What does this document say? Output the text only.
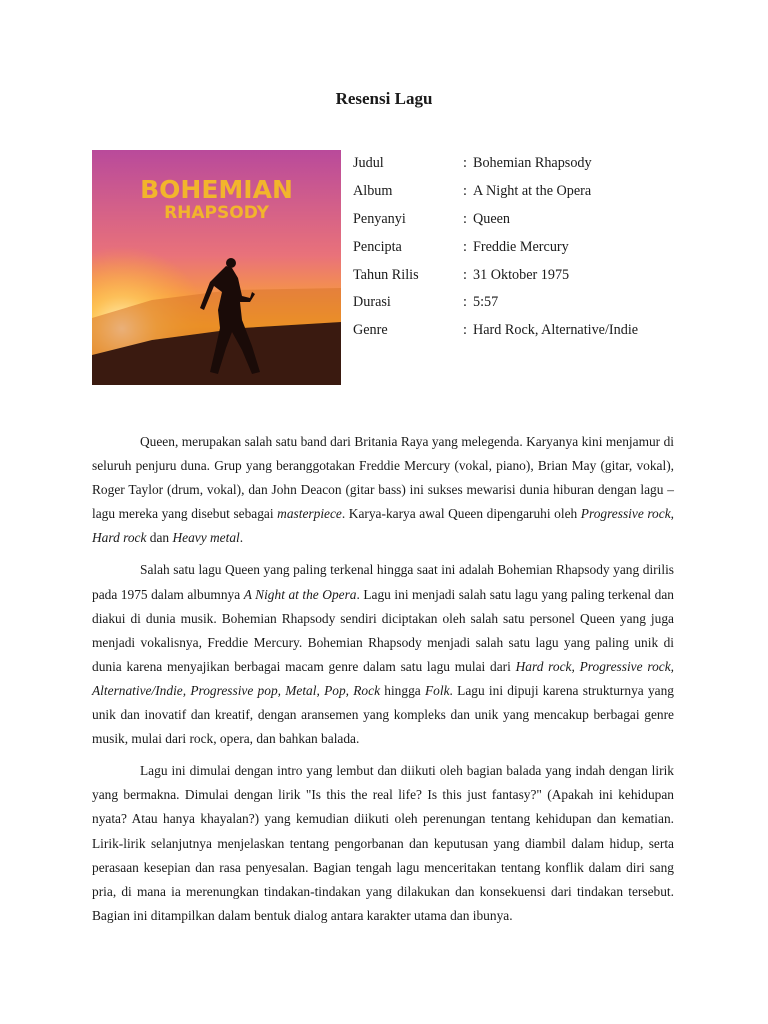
Resensi Lagu
BOHEMIAN
RHAPSODY
Judul	: Bohemian Rhapsody
Album	: A Night at the Opera
Penyanyi	: Queen
Pencipta	: Freddie Mercury
Tahun Rilis	: 31 Oktober 1975
Durasi	: 5:57
Genre	: Hard Rock, Alternative/Indie

Queen, merupakan salah satu band dari Britania Raya yang melegenda. Karyanya kini menjamur di seluruh penjuru duna. Grup yang beranggotakan Freddie Mercury (vokal, piano), Brian May (gitar, vokal), Roger Taylor (drum, vokal), dan John Deacon (gitar bass) ini sukses mewarisi dunia hiburan dengan lagu – lagu mereka yang disebut sebagai masterpiece. Karya-karya awal Queen dipengaruhi oleh Progressive rock, Hard rock dan Heavy metal.

Salah satu lagu Queen yang paling terkenal hingga saat ini adalah Bohemian Rhapsody yang dirilis pada 1975 dalam albumnya A Night at the Opera. Lagu ini menjadi salah satu lagu yang paling terkenal dan diakui di dunia musik. Bohemian Rhapsody sendiri diciptakan oleh salah satu personel Queen yang juga menjadi vokalisnya, Freddie Mercury. Bohemian Rhapsody menjadi salah satu lagu yang paling unik di dunia karena menyajikan berbagai macam genre dalam satu lagu mulai dari Hard rock, Progressive rock, Alternative/Indie, Progressive pop, Metal, Pop, Rock hingga Folk. Lagu ini dipuji karena strukturnya yang unik dan inovatif dan kreatif, dengan aransemen yang kompleks dan unik yang mencakup berbagai genre musik, mulai dari rock, opera, dan bahkan balada.

Lagu ini dimulai dengan intro yang lembut dan diikuti oleh bagian balada yang indah dengan lirik yang bermakna. Dimulai dengan lirik "Is this the real life? Is this just fantasy?" (Apakah ini kehidupan nyata? Atau hanya khayalan?) yang kemudian diikuti oleh perenungan tentang kehidupan dan kematian. Lirik-lirik selanjutnya menjelaskan tentang pengorbanan dan keputusan yang diambil dalam hidup, serta perasaan kesepian dan rasa penyesalan. Bagian tengah lagu menceritakan tentang konflik dalam diri sang pria, di mana ia merenungkan tindakan-tindakan yang dilakukan dan konsekuensi dari tindakan tersebut. Bagian ini ditampilkan dalam bentuk dialog antara karakter utama dan ibunya.
